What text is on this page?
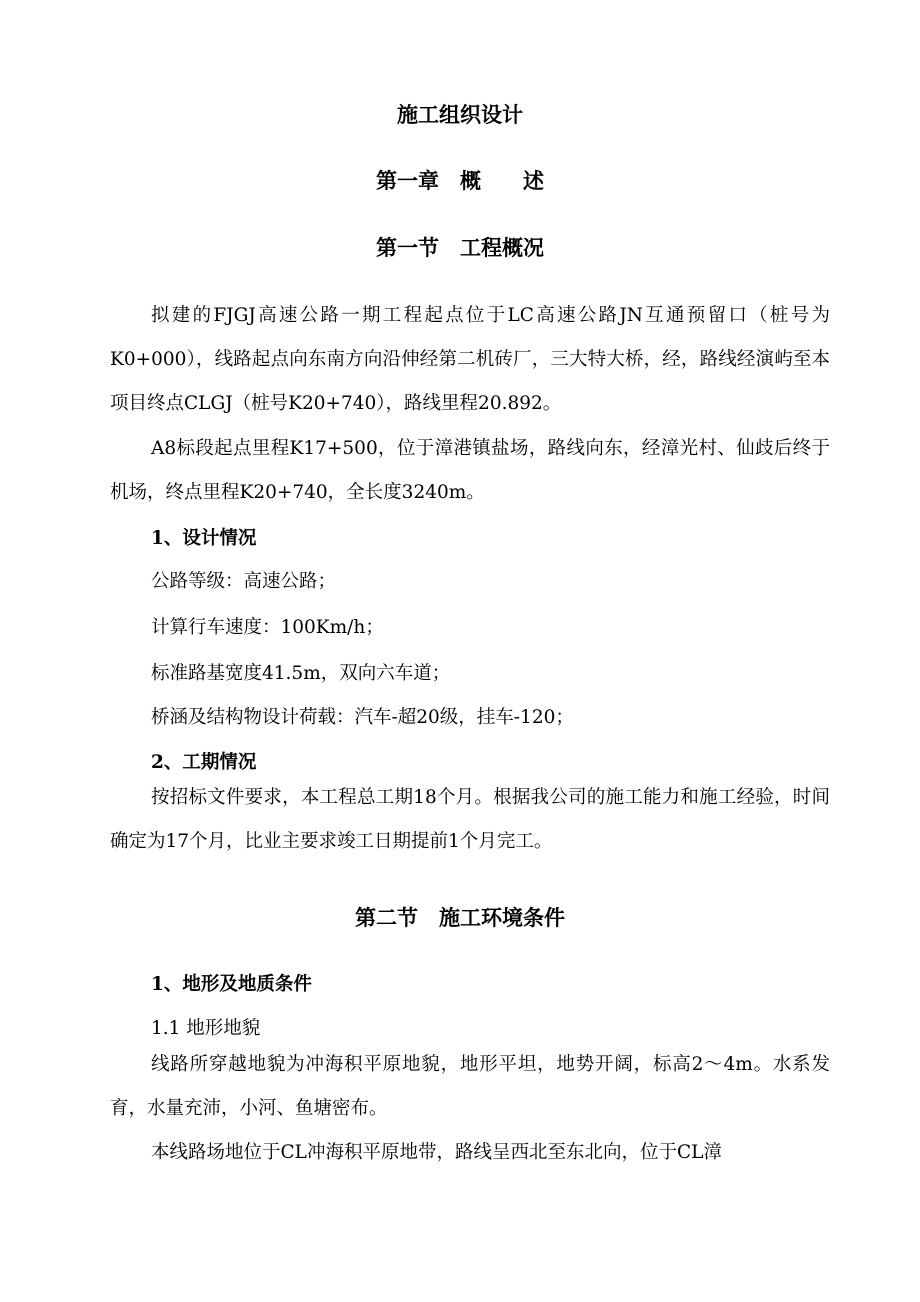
施工组织设计
第一章　概　　述
第一节　工程概况
拟建的FJGJ高速公路一期工程起点位于LC高速公路JN互通预留口（桩号为K0+000），线路起点向东南方向沿伸经第二机砖厂，三大特大桥，经，路线经演屿至本项目终点CLGJ（桩号K20+740），路线里程20.892。
A8标段起点里程K17+500，位于漳港镇盐场，路线向东，经漳光村、仙歧后终于机场，终点里程K20+740，全长度3240m。
1、设计情况
公路等级：高速公路；
计算行车速度：100Km/h；
标准路基宽度41.5m，双向六车道；
桥涵及结构物设计荷载：汽车-超20级，挂车-120；
2、工期情况
按招标文件要求，本工程总工期18个月。根据我公司的施工能力和施工经验，时间确定为17个月，比业主要求竣工日期提前1个月完工。
第二节　施工环境条件
1、地形及地质条件
1.1 地形地貌
线路所穿越地貌为冲海积平原地貌，地形平坦，地势开阔，标高2～4m。水系发育，水量充沛，小河、鱼塘密布。
本线路场地位于CL冲海积平原地带，路线呈西北至东北向，位于CL漳
